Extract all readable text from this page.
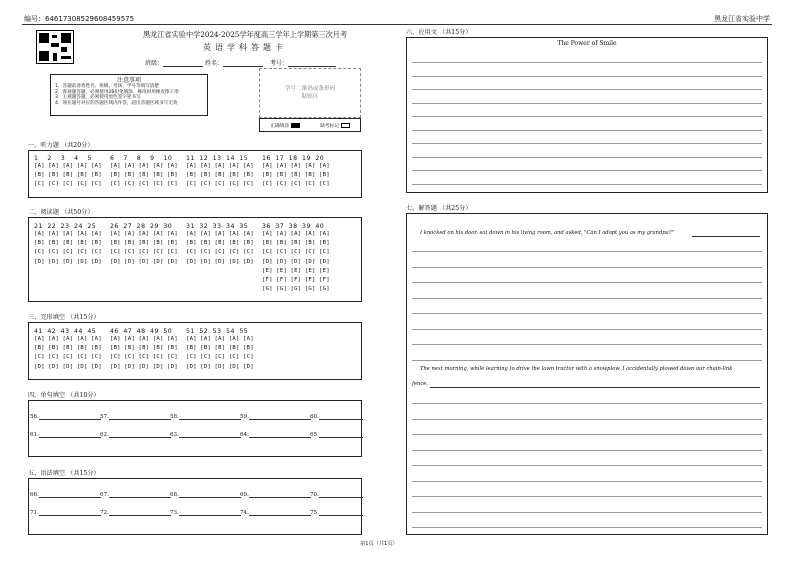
编号：6461730852960845957​5	黑龙江省实验中学
黑龙江省实验中学2024-2025学年度高三学年上学期第三次月考
英语学科答题卡
班级：	姓名：	考号：
注意事项
1．答题前请将姓名、班级、考场、学号等填写清楚
2．客观题答题，必须使用2B铅笔填涂，修改时用橡皮擦干净
3．主观题答题，必须使用黑色签字笔书写
4．须在题号对应的答题区域内作答，超出答题区域书写无效
学号二维码或条形码
粘贴区
正确填涂	缺考标记
一、听力题 （共20分）
1  2  3  4  5
[A] [A] [A] [A] [A]
[B] [B] [B] [B] [B]
[C] [C] [C] [C] [C]
6  7  8  9  10
[A] [A] [A] [A] [A]
[B] [B] [B] [B] [B]
[C] [C] [C] [C] [C]
11 12 13 14 15
[A] [A] [A] [A] [A]
[B] [B] [B] [B] [B]
[C] [C] [C] [C] [C]
16 17 18 19 20
[A] [A] [A] [A] [A]
[B] [B] [B] [B] [B]
[C] [C] [C] [C] [C]
二、阅读题 （共50分）
21 22 23 24 25
[A] [A] [A] [A] [A]
[B] [B] [B] [B] [B]
[C] [C] [C] [C] [C]
[D] [D] [D] [D] [D]
26 27 28 29 30
[A] [A] [A] [A] [A]
[B] [B] [B] [B] [B]
[C] [C] [C] [C] [C]
[D] [D] [D] [D] [D]
31 32 33 34 35
[A] [A] [A] [A] [A]
[B] [B] [B] [B] [B]
[C] [C] [C] [C] [C]
[D] [D] [D] [D] [D]
36 37 38 39 40
[A] [A] [A] [A] [A]
[B] [B] [B] [B] [B]
[C] [C] [C] [C] [C]
[D] [D] [D] [D] [D]
[E] [E] [E] [E] [E]
[F] [F] [F] [F] [F]
[G] [G] [G] [G] [G]
三、完形填空 （共15分）
41 42 43 44 45
[A] [A] [A] [A] [A]
[B] [B] [B] [B] [B]
[C] [C] [C] [C] [C]
[D] [D] [D] [D] [D]
46 47 48 49 50
[A] [A] [A] [A] [A]
[B] [B] [B] [B] [B]
[C] [C] [C] [C] [C]
[D] [D] [D] [D] [D]
51 52 53 54 55
[A] [A] [A] [A] [A]
[B] [B] [B] [B] [B]
[C] [C] [C] [C] [C]
[D] [D] [D] [D] [D]
四、单句填空 （共10分）
56.	57.	58.	59.	60.
61.	62.	63.	64.	65.
五、语法填空 （共15分）
66.	67.	68.	69.	70.
71.	72.	73.	74.	75.
六、应用文 （共15分）
The Power of Smile
七、解答题 （共25分）
I knocked on his door, sat down in his living room, and asked, "Can I adopt you as my grandpa?"
The next morning, while learning to drive the lawn tractor with a snowplow, I accidentally plowed down our chain-link
fence.
第1页（共1页）
